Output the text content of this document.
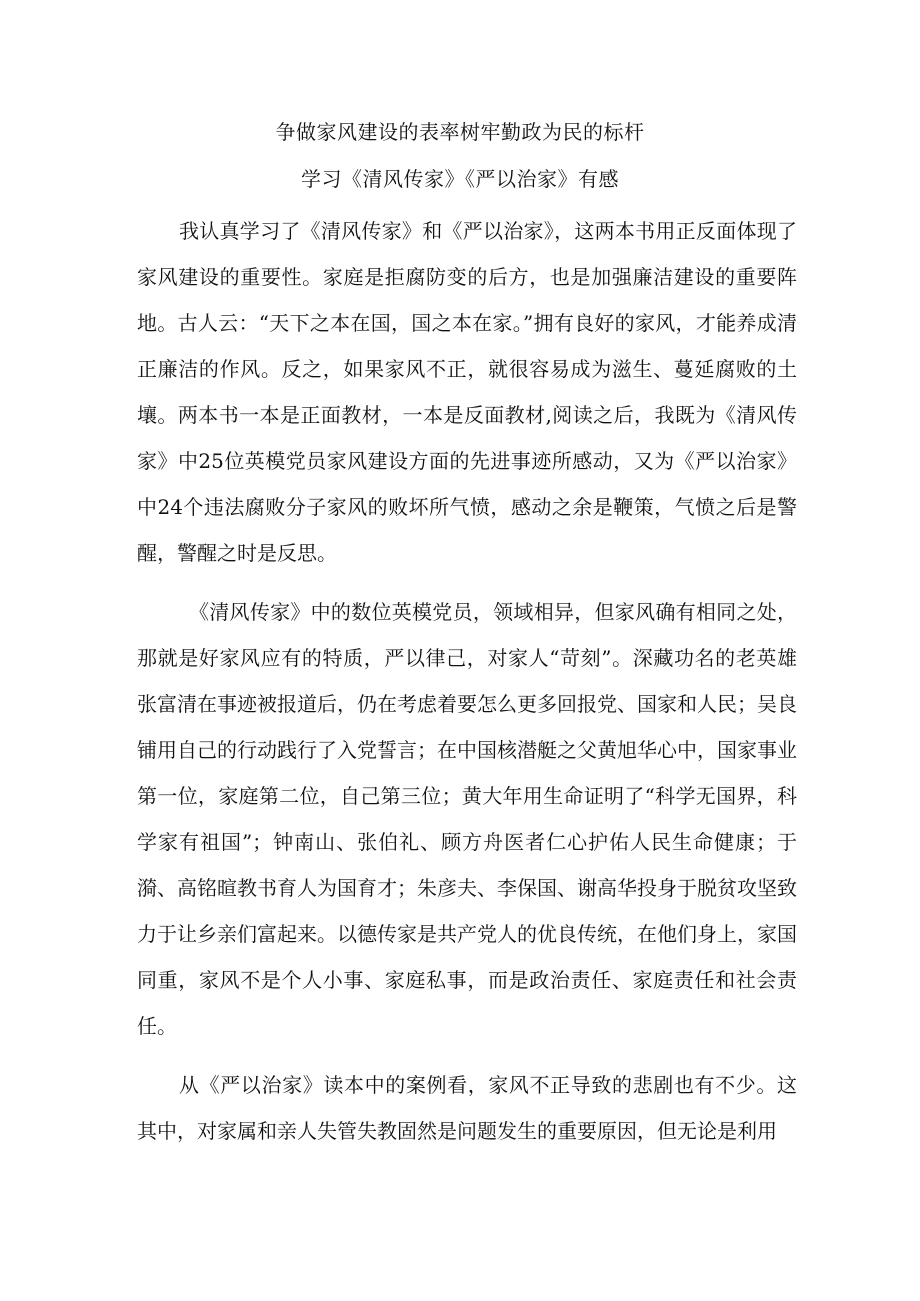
争做家风建设的表率树牢勤政为民的标杆
学习《清风传家》《严以治家》有感

我认真学习了《清风传家》和《严以治家》，这两本书用正反面体现了家风建设的重要性。家庭是拒腐防变的后方，也是加强廉洁建设的重要阵地。古人云：“天下之本在国，国之本在家。”拥有良好的家风，才能养成清正廉洁的作风。反之，如果家风不正，就很容易成为滋生、蔓延腐败的土壤。两本书一本是正面教材，一本是反面教材,阅读之后，我既为《清风传家》中25位英模党员家风建设方面的先进事迹所感动，又为《严以治家》中24个违法腐败分子家风的败坏所气愤，感动之余是鞭策，气愤之后是警醒，警醒之时是反思。

《清风传家》中的数位英模党员，领域相异，但家风确有相同之处，那就是好家风应有的特质，严以律己，对家人“苛刻”。深藏功名的老英雄张富清在事迹被报道后，仍在考虑着要怎么更多回报党、国家和人民；吴良铺用自己的行动践行了入党誓言；在中国核潜艇之父黄旭华心中，国家事业第一位，家庭第二位，自己第三位；黄大年用生命证明了“科学无国界，科学家有祖国”；钟南山、张伯礼、顾方舟医者仁心护佑人民生命健康；于漪、高铭暄教书育人为国育才；朱彦夫、李保国、谢高华投身于脱贫攻坚致力于让乡亲们富起来。以德传家是共产党人的优良传统，在他们身上，家国同重，家风不是个人小事、家庭私事，而是政治责任、家庭责任和社会责任。

从《严以治家》读本中的案例看，家风不正导致的悲剧也有不少。这其中，对家属和亲人失管失教固然是问题发生的重要原因，但无论是利用
